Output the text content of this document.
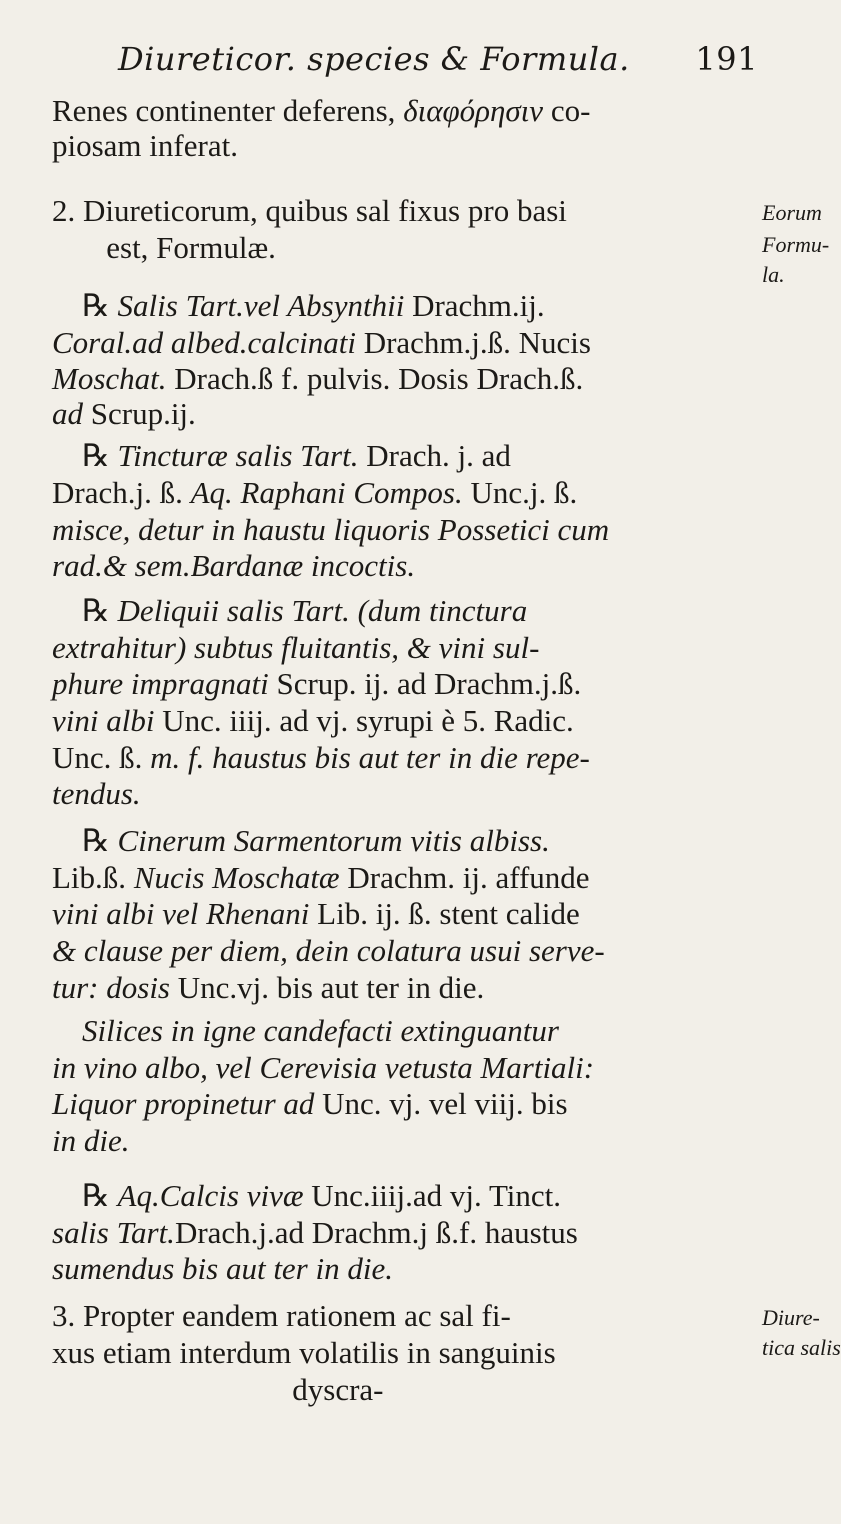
Diureticor. species & Formula. 191
Renes continenter deferens, διαφόρησιν co-
piosam inferat.
2. Diureticorum, quibus sal fixus pro basi
est, Formulæ.
℞ Salis Tart.vel Absynthii Drachm.ij.
Coral.ad albed.calcinati Drachm.j.ß. Nucis
Moschat. Drach.ß f. pulvis. Dosis Drach.ß.
ad Scrup.ij.
℞ Tincturæ salis Tart. Drach. j. ad
Drach.j. ß. Aq. Raphani Compos. Unc.j. ß.
misce, detur in haustu liquoris Possetici cum
rad.& sem.Bardanæ incoctis.
℞ Deliquii salis Tart. (dum tinctura
extrahitur) subtus fluitantis, & vini sul-
phure impragnati Scrup. ij. ad Drachm.j.ß.
vini albi Unc. iiij. ad vj. syrupi è 5. Radic.
Unc. ß. m. f. haustus bis aut ter in die repe-
tendus.
℞ Cinerum Sarmentorum vitis albiss.
Lib.ß. Nucis Moschatæ Drachm. ij. affunde
vini albi vel Rhenani Lib. ij. ß. stent calide
& clause per diem, dein colatura usui serve-
tur: dosis Unc.vj. bis aut ter in die.
Silices in igne candefacti extinguantur
in vino albo, vel Cerevisia vetusta Martiali:
Liquor propinetur ad Unc. vj. vel viij. bis
in die.
℞ Aq.Calcis vivæ Unc.iiij.ad vj. Tinct.
salis Tart.Drach.j.ad Drachm.j ß.f. haustus
sumendus bis aut ter in die.
3. Propter eandem rationem ac sal fi-
xus etiam interdum volatilis in sanguinis
dyscra-
Eorum
Formu-
la.
Diure-
tica salis
